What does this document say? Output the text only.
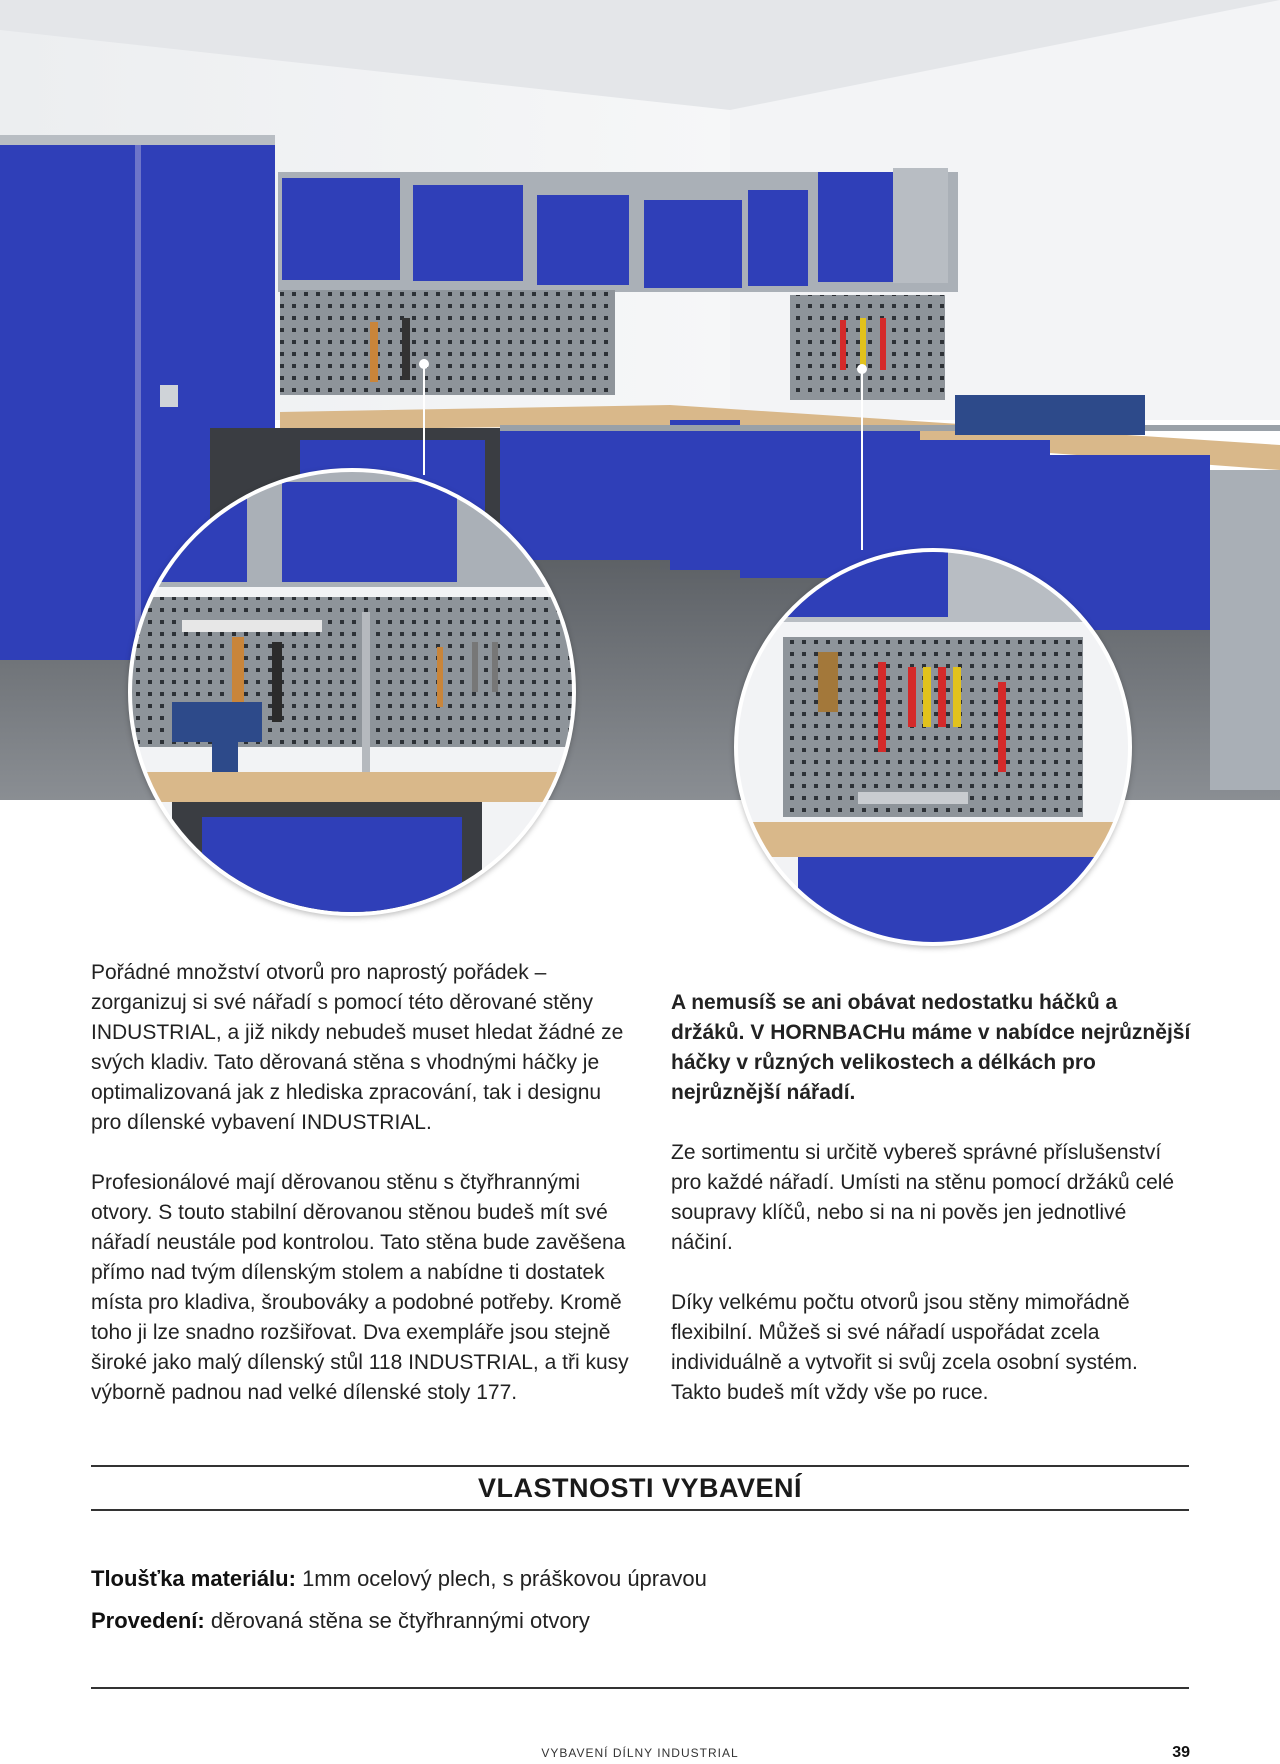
Pořádné množství otvorů pro naprostý pořádek – zorganizuj si své nářadí s pomocí této děrované stěny INDUSTRIAL, a již nikdy nebudeš muset hledat žádné ze svých kladiv. Tato děrovaná stěna s vhodnými háčky je optimalizovaná jak z hlediska zpracování, tak i designu pro dílenské vybavení INDUSTRIAL.

Profesionálové mají děrovanou stěnu s čtyřhrannými otvory. S touto stabilní děrovanou stěnou budeš mít své nářadí neustále pod kontrolou. Tato stěna bude zavěšena přímo nad tvým dílenským stolem a nabídne ti dostatek místa pro kladiva, šroubováky a podobné potřeby. Kromě toho ji lze snadno rozšiřovat. Dva exempláře jsou stejně široké jako malý dílenský stůl 118 INDUSTRIAL, a tři kusy výborně padnou nad velké dílenské stoly 177.

A nemusíš se ani obávat nedostatku háčků a držáků. V HORNBACHu máme v nabídce nejrůznější háčky v různých velikostech a délkách pro nejrůznější nářadí.

Ze sortimentu si určitě vybereš správné příslušenství pro každé nářadí. Umísti na stěnu pomocí držáků celé soupravy klíčů, nebo si na ni pověs jen jednotlivé náčiní.

Díky velkému počtu otvorů jsou stěny mimořádně flexibilní. Můžeš si své nářadí uspořádat zcela individuálně a vytvořit si svůj zcela osobní systém. Takto budeš mít vždy vše po ruce.

VLASTNOSTI VYBAVENÍ
Tloušťka materiálu: 1mm ocelový plech, s práškovou úpravou
Provedení: děrovaná stěna se čtyřhrannými otvory
VYBAVENÍ DÍLNY INDUSTRIAL	39
